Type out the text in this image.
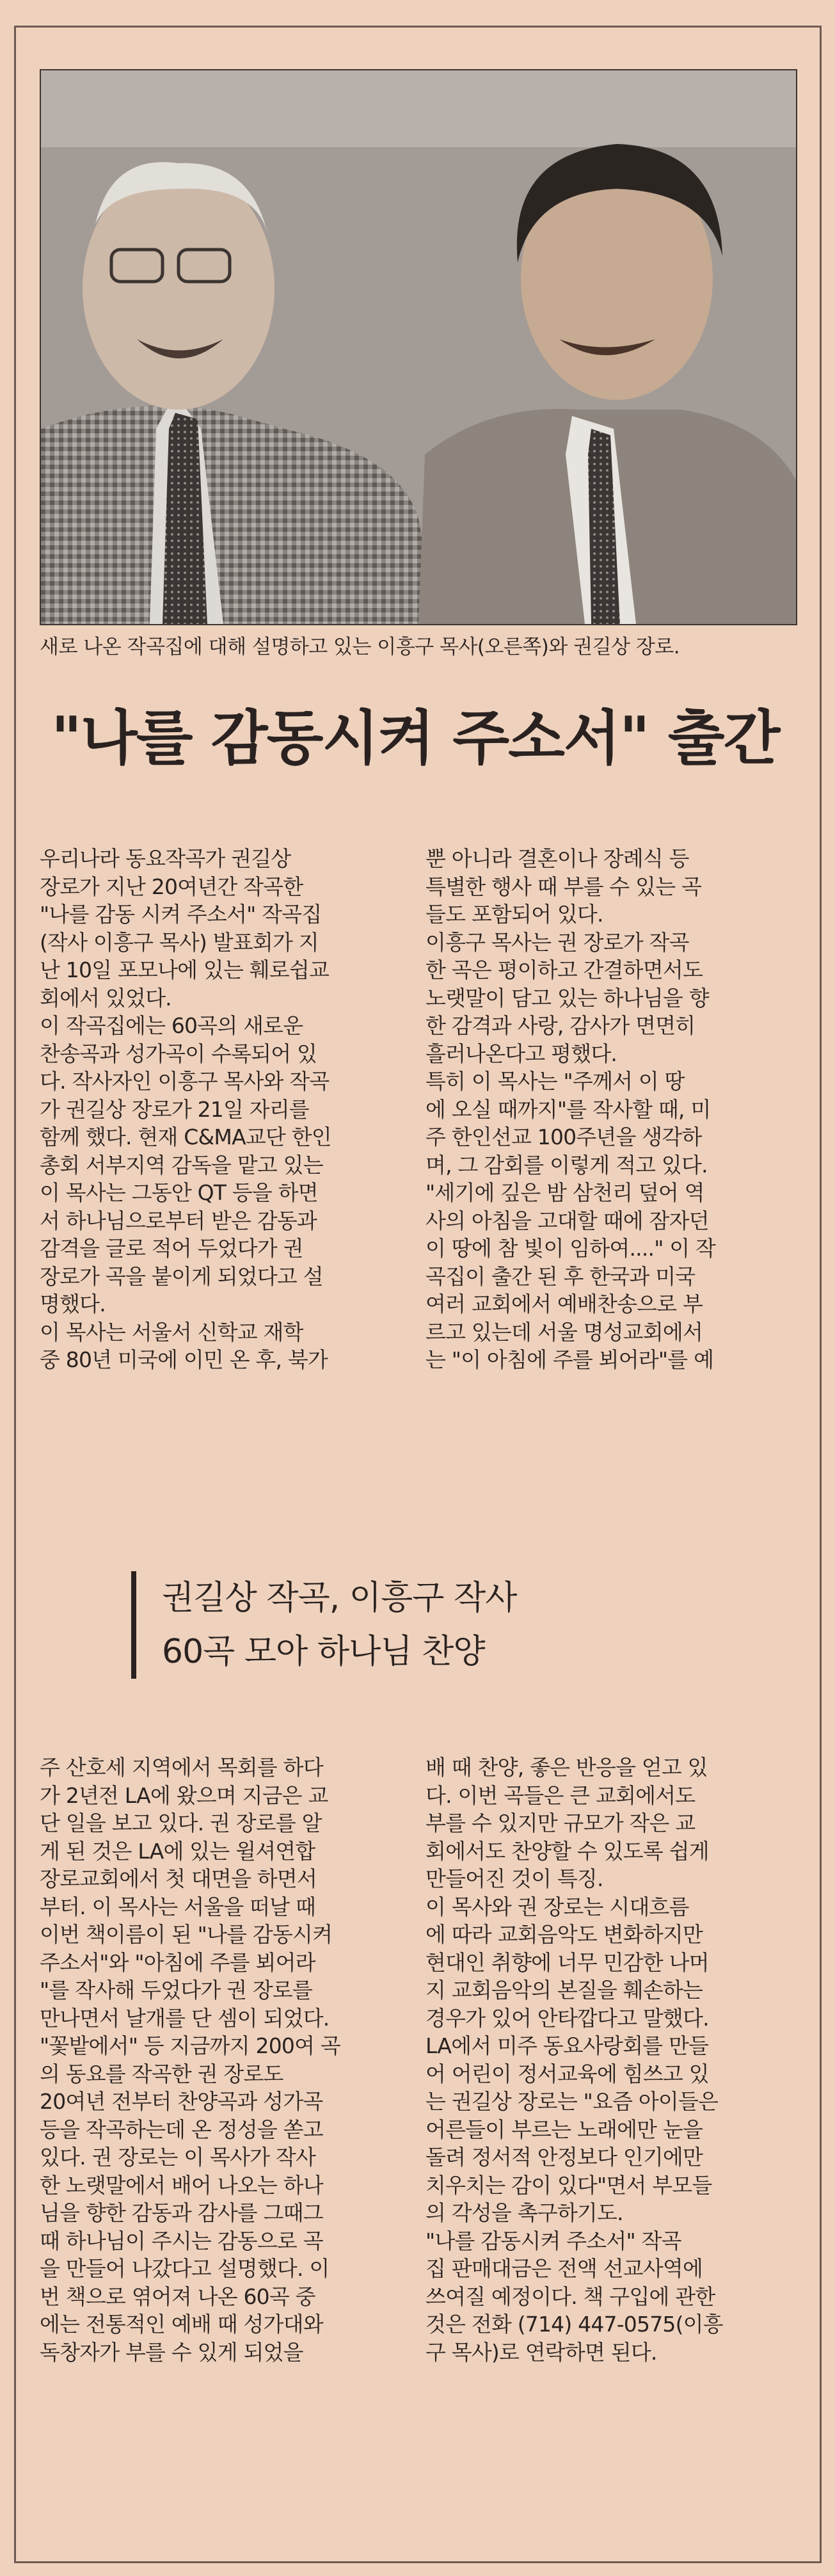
새로 나온 작곡집에 대해 설명하고 있는 이흥구 목사(오른쪽)와 권길상 장로.
"나를 감동시켜 주소서" 출간

우리나라 동요작곡가 권길상

장로가 지난 20여년간 작곡한

"나를 감동 시켜 주소서" 작곡집

(작사 이흥구 목사) 발표회가 지

난 10일 포모나에 있는 훼로쉽교

회에서 있었다.

이 작곡집에는 60곡의 새로운

찬송곡과 성가곡이 수록되어 있

다. 작사자인 이흥구 목사와 작곡

가 권길상 장로가 21일 자리를

함께 했다. 현재 C&MA교단 한인

총회 서부지역 감독을 맡고 있는

이 목사는 그동안 QT 등을 하면

서 하나님으로부터 받은 감동과

감격을 글로 적어 두었다가 권

장로가 곡을 붙이게 되었다고 설

명했다.

이 목사는 서울서 신학교 재학

중 80년 미국에 이민 온 후, 북가

뿐 아니라 결혼이나 장례식 등

특별한 행사 때 부를 수 있는 곡

들도 포함되어 있다.

이흥구 목사는 권 장로가 작곡

한 곡은 평이하고 간결하면서도

노랫말이 담고 있는 하나님을 향

한 감격과 사랑, 감사가 면면히

흘러나온다고 평했다.

특히 이 목사는 "주께서 이 땅

에 오실 때까지"를 작사할 때, 미

주 한인선교 100주년을 생각하

며, 그 감회를 이렇게 적고 있다.

"세기에 깊은 밤 삼천리 덮어 역

사의 아침을 고대할 때에 잠자던

이 땅에 참 빛이 임하여...." 이 작

곡집이 출간 된 후 한국과 미국

여러 교회에서 예배찬송으로 부

르고 있는데 서울 명성교회에서

는 "이 아침에 주를 뵈어라"를 예

권길상 작곡, 이흥구 작사
60곡 모아 하나님 찬양

주 산호세 지역에서 목회를 하다

가 2년전 LA에 왔으며 지금은 교

단 일을 보고 있다. 권 장로를 알

게 된 것은 LA에 있는 윌셔연합

장로교회에서 첫 대면을 하면서

부터. 이 목사는 서울을 떠날 때

이번 책이름이 된 "나를 감동시켜

주소서"와 "아침에 주를 뵈어라

"를 작사해 두었다가 권 장로를

만나면서 날개를 단 셈이 되었다.

"꽃밭에서" 등 지금까지 200여 곡

의 동요를 작곡한 권 장로도

20여년 전부터 찬양곡과 성가곡

등을 작곡하는데 온 정성을 쏟고

있다. 권 장로는 이 목사가 작사

한 노랫말에서 배어 나오는 하나

님을 향한 감동과 감사를 그때그

때 하나님이 주시는 감동으로 곡

을 만들어 나갔다고 설명했다. 이

번 책으로 엮어져 나온 60곡 중

에는 전통적인 예배 때 성가대와

독창자가 부를 수 있게 되었을

배 때 찬양, 좋은 반응을 얻고 있

다. 이번 곡들은 큰 교회에서도

부를 수 있지만 규모가 작은 교

회에서도 찬양할 수 있도록 쉽게

만들어진 것이 특징.

이 목사와 권 장로는 시대흐름

에 따라 교회음악도 변화하지만

현대인 취향에 너무 민감한 나머

지 교회음악의 본질을 훼손하는

경우가 있어 안타깝다고 말했다.

LA에서 미주 동요사랑회를 만들

어 어린이 정서교육에 힘쓰고 있

는 권길상 장로는 "요즘 아이들은

어른들이 부르는 노래에만 눈을

돌려 정서적 안정보다 인기에만

치우치는 감이 있다"면서 부모들

의 각성을 촉구하기도.

"나를 감동시켜 주소서" 작곡

집 판매대금은 전액 선교사역에

쓰여질 예정이다. 책 구입에 관한

것은 전화 (714) 447-0575(이흥

구 목사)로 연락하면 된다.
